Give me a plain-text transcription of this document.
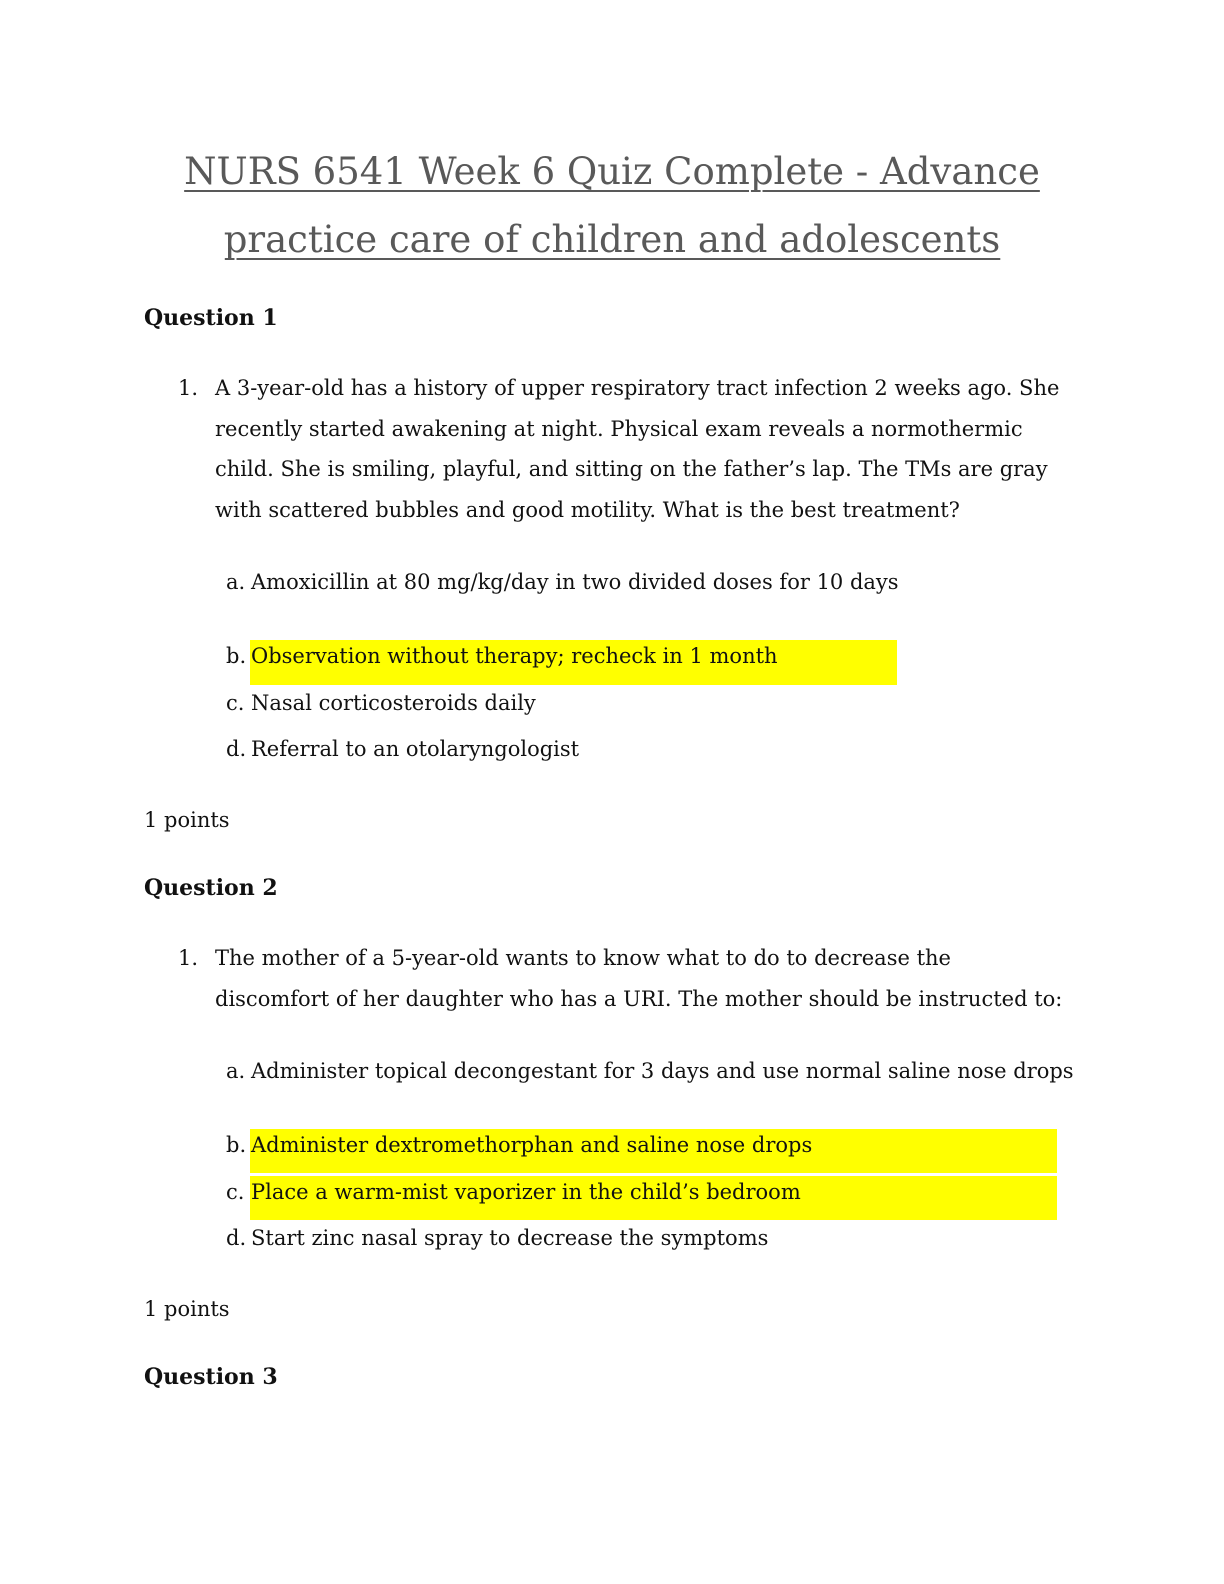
NURS 6541 Week 6 Quiz Complete - Advance
practice care of children and adolescents
Question 1
1. A 3-year-old has a history of upper respiratory tract infection 2 weeks ago. She recently started awakening at night. Physical exam reveals a normothermic child. She is smiling, playful, and sitting on the father’s lap. The TMs are gray with scattered bubbles and good motility. What is the best treatment?
a. Amoxicillin at 80 mg/kg/day in two divided doses for 10 days
b. Observation without therapy; recheck in 1 month
c. Nasal corticosteroids daily
d. Referral to an otolaryngologist
1 points
Question 2
1. The mother of a 5-year-old wants to know what to do to decrease the discomfort of her daughter who has a URI. The mother should be instructed to:
a. Administer topical decongestant for 3 days and use normal saline nose drops
b. Administer dextromethorphan and saline nose drops
c. Place a warm-mist vaporizer in the child’s bedroom
d. Start zinc nasal spray to decrease the symptoms
1 points
Question 3
